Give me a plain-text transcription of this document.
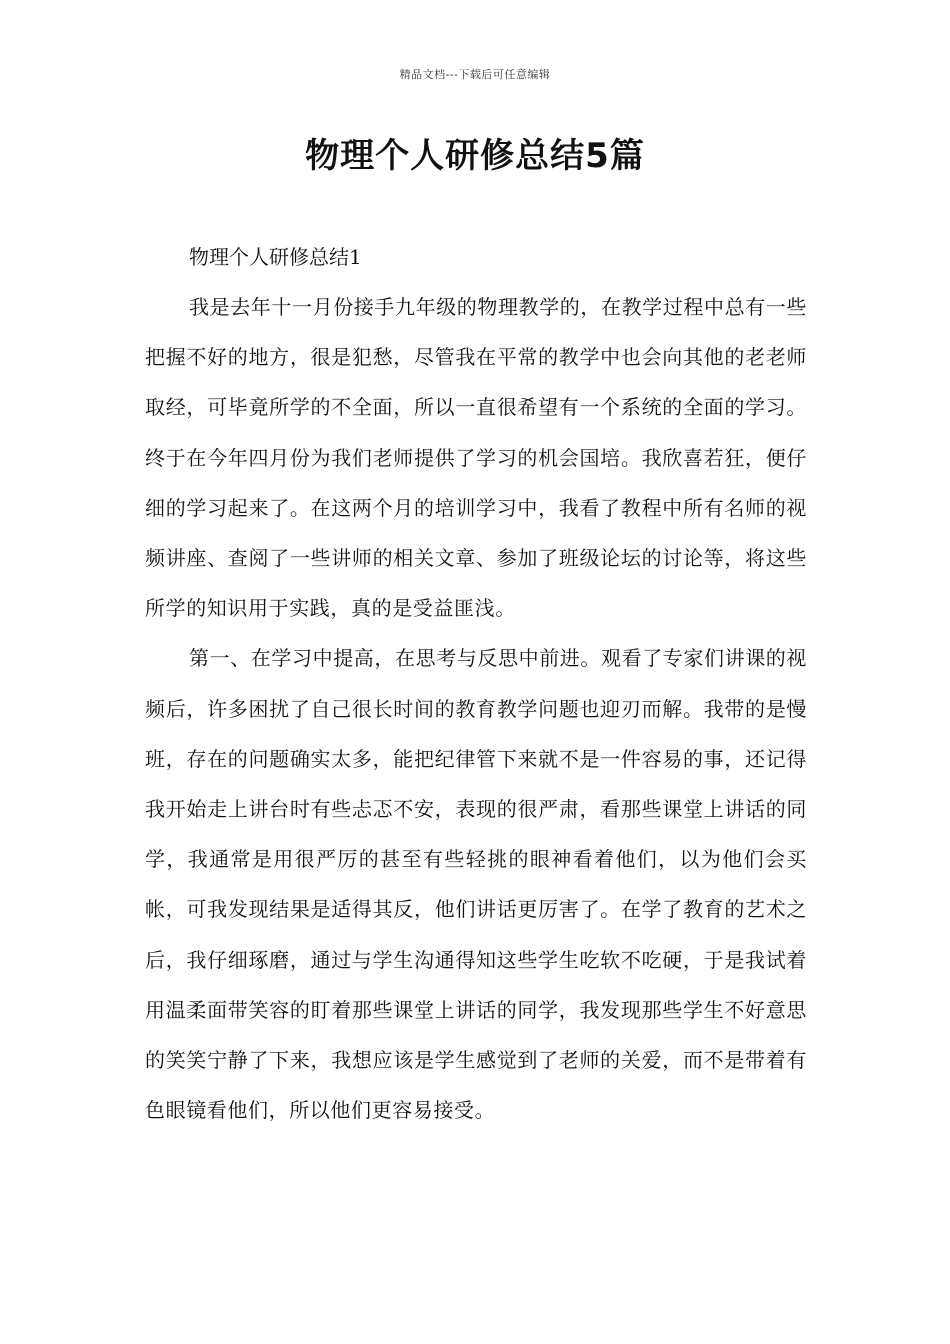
精品文档---下载后可任意编辑
物理个人研修总结5篇

物理个人研修总结1

我是去年十一月份接手九年级的物理教学的，在教学过程中总有一些把握不好的地方，很是犯愁，尽管我在平常的教学中也会向其他的老老师取经，可毕竟所学的不全面，所以一直很希望有一个系统的全面的学习。终于在今年四月份为我们老师提供了学习的机会国培。我欣喜若狂，便仔细的学习起来了。在这两个月的培训学习中，我看了教程中所有名师的视频讲座、查阅了一些讲师的相关文章、参加了班级论坛的讨论等，将这些所学的知识用于实践，真的是受益匪浅。

第一、在学习中提高，在思考与反思中前进。观看了专家们讲课的视频后，许多困扰了自己很长时间的教育教学问题也迎刃而解。我带的是慢班，存在的问题确实太多，能把纪律管下来就不是一件容易的事，还记得我开始走上讲台时有些忐忑不安，表现的很严肃，看那些课堂上讲话的同学，我通常是用很严厉的甚至有些轻挑的眼神看着他们，以为他们会买帐，可我发现结果是适得其反，他们讲话更厉害了。在学了教育的艺术之后，我仔细琢磨，通过与学生沟通得知这些学生吃软不吃硬，于是我试着用温柔面带笑容的盯着那些课堂上讲话的同学，我发现那些学生不好意思的笑笑宁静了下来，我想应该是学生感觉到了老师的关爱，而不是带着有色眼镜看他们，所以他们更容易接受。
